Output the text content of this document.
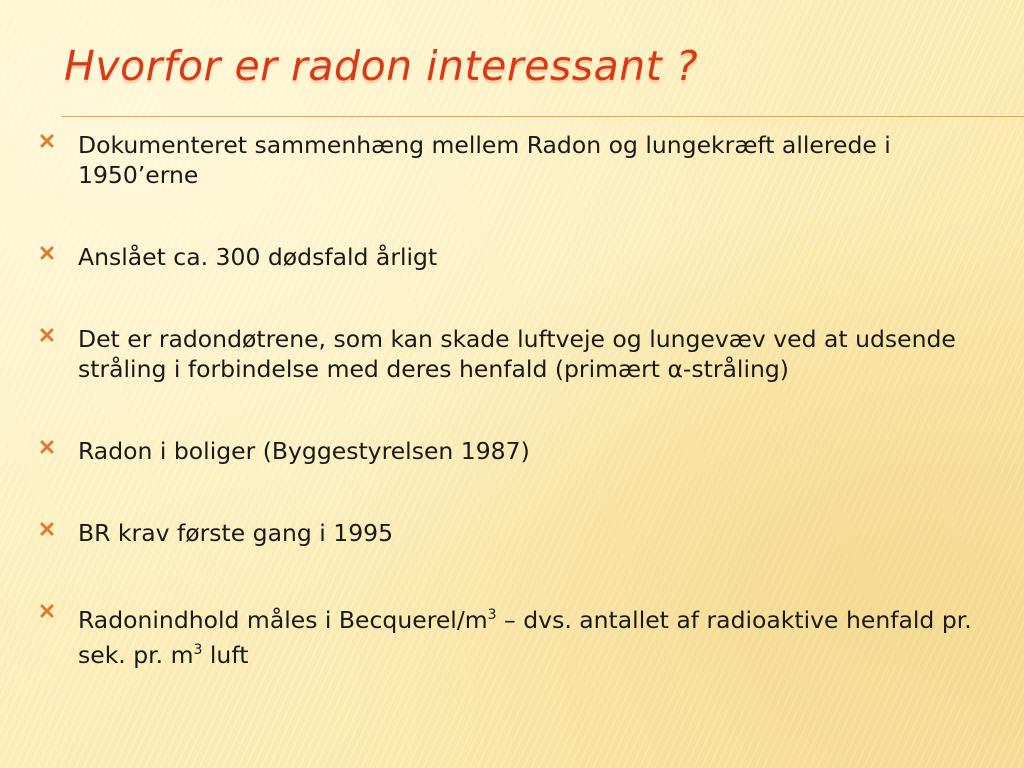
Hvorfor er radon interessant ?
Dokumenteret sammenhæng mellem Radon og lungekræft allerede i 1950’erne
Anslået ca. 300 dødsfald årligt
Det er radondøtrene, som kan skade luftveje og lungevæv ved at udsende stråling i forbindelse med deres henfald (primært α-stråling)
Radon i boliger (Byggestyrelsen 1987)
BR krav første gang i 1995
Radonindhold måles i Becquerel/$m^3$ – dvs. antallet af radioaktive henfald pr. sek. pr. $m^3$ luft
